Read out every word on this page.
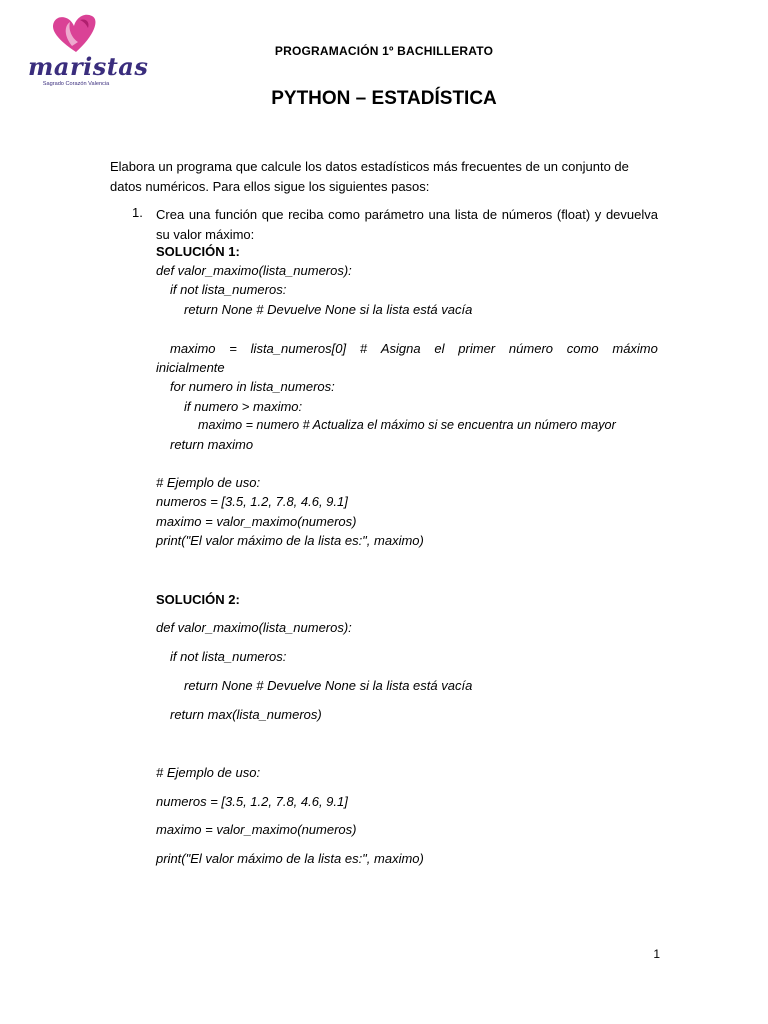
maristas
Sagrado Corazón Valencia
PROGRAMACIÓN 1º BACHILLERATO
PYTHON – ESTADÍSTICA
Elabora un programa que calcule los datos estadísticos más frecuentes de un conjunto de datos numéricos. Para ellos sigue los siguientes pasos:
1. Crea una función que reciba como parámetro una lista de números (float) y devuelva su valor máximo:
SOLUCIÓN 1:
def valor_maximo(lista_numeros):
if not lista_numeros:
return None # Devuelve None si la lista está vacía
maximo = lista_numeros[0] # Asigna el primer número como máximo
inicialmente
for numero in lista_numeros:
if numero > maximo:
maximo = numero # Actualiza el máximo si se encuentra un número mayor
return maximo
# Ejemplo de uso:
numeros = [3.5, 1.2, 7.8, 4.6, 9.1]
maximo = valor_maximo(numeros)
print("El valor máximo de la lista es:", maximo)
SOLUCIÓN 2:
def valor_maximo(lista_numeros):
if not lista_numeros:
return None # Devuelve None si la lista está vacía
return max(lista_numeros)
# Ejemplo de uso:
numeros = [3.5, 1.2, 7.8, 4.6, 9.1]
maximo = valor_maximo(numeros)
print("El valor máximo de la lista es:", maximo)
1
